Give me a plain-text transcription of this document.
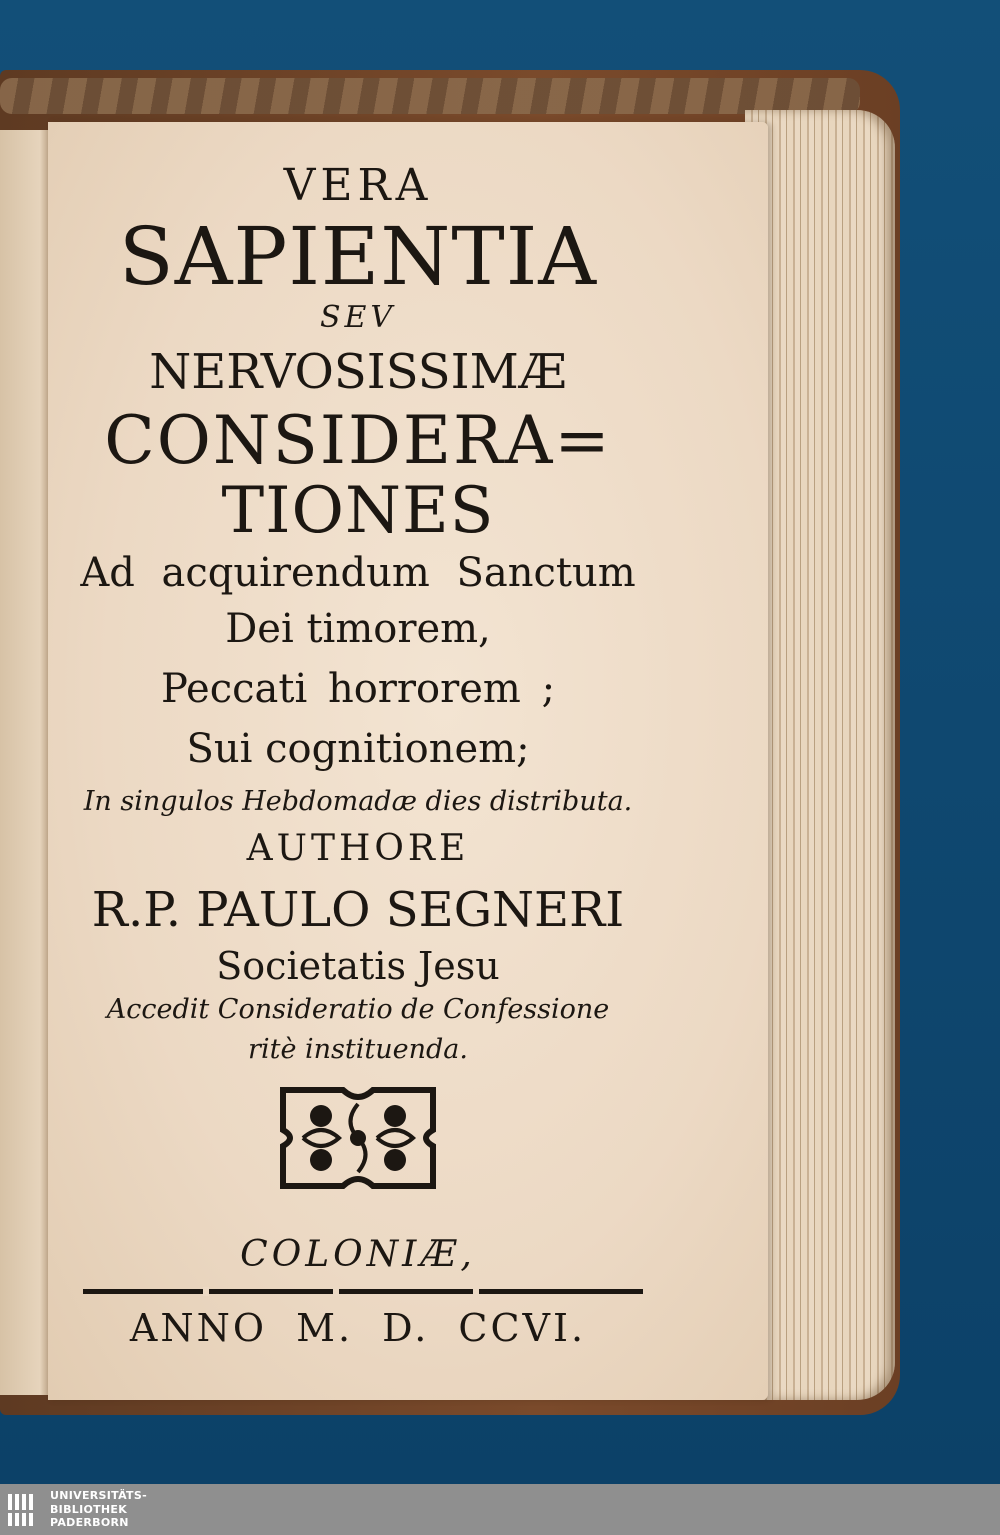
VERA
SAPIENTIA
SEV
NERVOSISSIMÆ
CONSIDERA=
TIONES
Ad acquirendum Sanctum
Dei timorem,
Peccati horrorem ;
Sui cognitionem;
In singulos Hebdomadæ dies distributa.
AUTHORE
R.P. PAULO SEGNERI
Societatis Jesu
Accedit Consideratio de Confessione
ritè instituenda.
COLONIÆ,
ANNO M. D. CCVI.
UNIVERSITÄTS-
BIBLIOTHEK
PADERBORN
